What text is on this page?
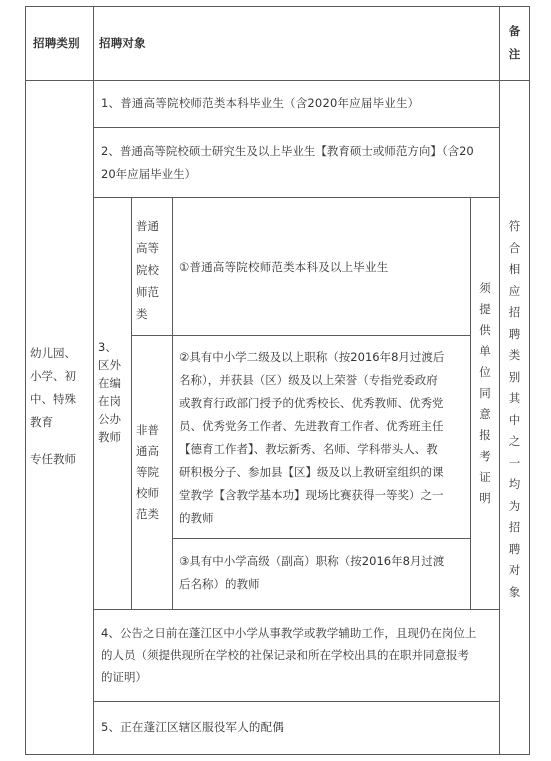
招聘类别 招聘对象
备
注
幼儿园、
小学、初
中、特殊
教育
专任教师
1、普通高等院校师范类本科毕业生（含2020年应届毕业生）
2、普通高等院校硕士研究生及以上毕业生【教育硕士或师范方向】（含20
20年应届毕业生）
3、
区外
在编
在岗
公办
教师
普通
高等
院校
师范
类
①普通高等院校师范类本科及以上毕业生
非普
通高
等院
校师
范类
②具有中小学二级及以上职称（按2016年8月过渡后
名称），并获县（区）级及以上荣誉（专指党委政府
或教育行政部门授予的优秀校长、优秀教师、优秀党
员、优秀党务工作者、先进教育工作者、优秀班主任
【德育工作者】、教坛新秀、名师、学科带头人、教
研积极分子、参加县【区】级及以上教研室组织的课
堂教学【含教学基本功】现场比赛获得一等奖）之一
的教师
③具有中小学高级（副高）职称（按2016年8月过渡
后名称）的教师
须
提
供
单
位
同
意
报
考
证
明
4、公告之日前在蓬江区中小学从事教学或教学辅助工作，且现仍在岗位上
的人员（须提供现所在学校的社保记录和所在学校出具的在职并同意报考
的证明）
5、正在蓬江区辖区服役军人的配偶
符
合
相
应
招
聘
类
别
其
中
之
一
均
为
招
聘
对
象
